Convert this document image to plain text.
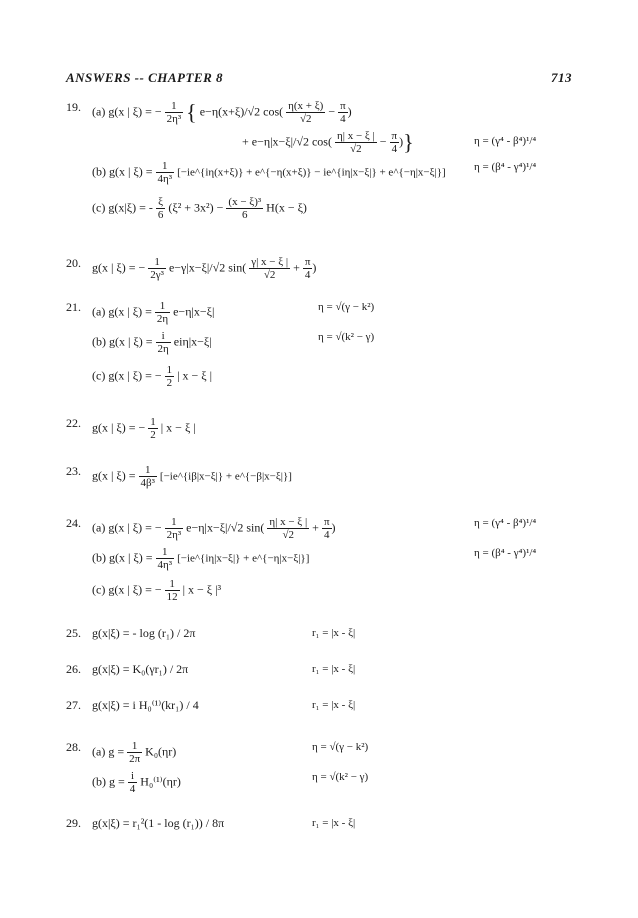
ANSWERS -- CHAPTER 8	713
19. (a) g(x | ξ) = − $\frac{1}{\text{2η³}}$ { e−η(x+ξ)/√2 $\cos( \frac{\eta(x + \xi)}{√2} - \frac{\pi}{4}$ )
+ e−η|x−ξ|/√2 $\cos( \frac{\eta| x - \xi |}{√2} - \frac{\pi}{4}$ )}	η = (γ⁴ - β⁴)¹/⁴
(b) g(x | $\xi) = \frac{1}{\text{4η³}}$ [−ie^{iη(x+ξ)} + e^{−η(x+ξ)} − ie^{iη|x−ξ|} + e^{−η|x−ξ|}]	η = (β⁴ - γ⁴)¹/⁴
(c) g(x|ξ) = - $\frac{\xi}{6} (\xi^2 + 3x^2) - \frac{\text{(x − ξ)³}}{6} H(x - \xi)$
20. g(x | ξ) = − $\frac{1}{\text{2γ³}} e-\gamma|x-\xi|/√2$ $\sin( \frac{\gamma| x - \xi |}{√2} + \frac{\pi}{4}$ )
21. (a) g(x | $\xi) = \frac{1}{2\eta} e-\eta|x-\xi|$	η = √(γ − k²)
(b) g(x | $\xi) = \frac{i}{2\eta} ei\eta|x-\xi|$	η = √(k² − γ)
(c) g(x | ξ) = − $\frac{1}{2}$ | x − ξ |
22. g(x | ξ) = − $\frac{1}{2}$ | x − ξ |
23. g(x | $\xi) = \frac{1}{\text{4β³}}$ [−ie^{iβ|x−ξ|} + e^{−β|x−ξ|}]
24. (a) g(x | ξ) = − $\frac{1}{\text{2η³}} e-\eta|x-\xi|/√2$ $\sin( \frac{\eta| x - \xi |}{√2} + \frac{\pi}{4}$ )	η = (γ⁴ - β⁴)¹/⁴
(b) g(x | $\xi) = \frac{1}{\text{4η³}}$ [−ie^{iη|x−ξ|} + e^{−η|x−ξ|}]	η = (β⁴ - γ⁴)¹/⁴
(c) g(x | ξ) = − $\frac{1}{12}$ | x − ξ |³
25. g(x|ξ) = - log (r₁) / 2π	r₁ = |x - ξ|
26. g(x|ξ) = K₀(γr₁) / 2π	r₁ = |x - ξ|
27. g(x|ξ) = i H₀⁽¹⁾(kr₁) / 4	r₁ = |x - ξ|
28. (a) $g = \frac{1}{2\pi} K_0(\eta r)$	η = √(γ − k²)
(b) $g = \frac{i}{4} H_0^{(1)}(\eta r)$	η = √(k² − γ)
29. g(x|ξ) = r₁²(1 - log (r₁)) / 8π	r₁ = |x - ξ|
